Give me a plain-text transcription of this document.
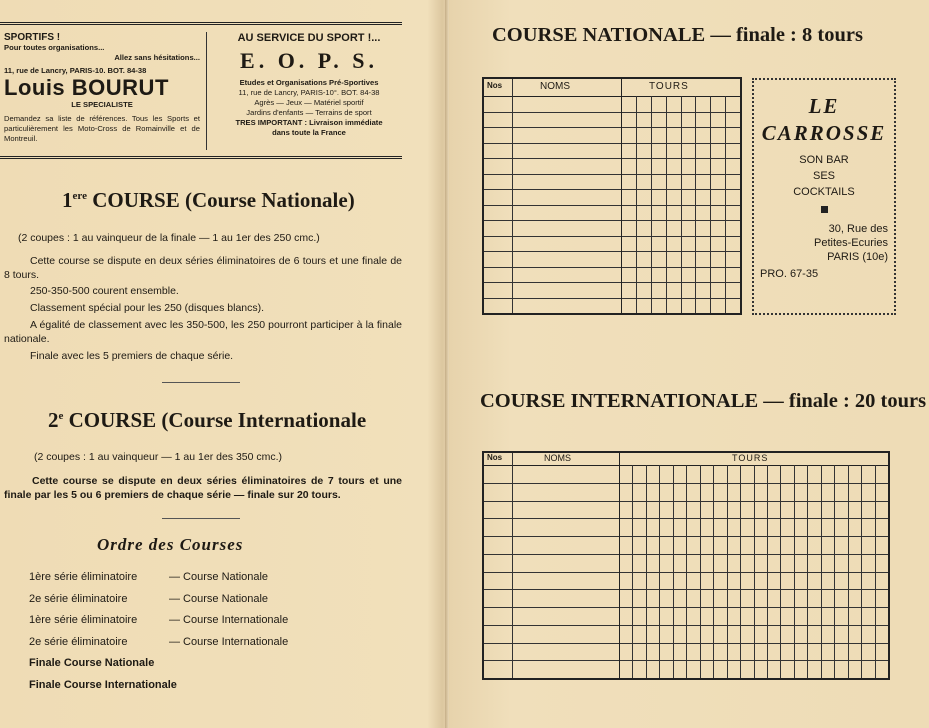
SPORTIFS !
Pour toutes organisations...
Allez sans hésitations...
11, rue de Lancry, PARIS-10. BOT. 84-38
Louis BOURUT
LE SPECIALISTE
Demandez sa liste de références. Tous les Sports et particulièrement les Moto-Cross de Romainville et de Montreuil.
AU SERVICE DU SPORT !...
E. O. P. S.
Etudes et Organisations Pré-Sportives
11, rue de Lancry, PARIS-10°. BOT. 84-38
Agrès — Jeux — Matériel sportif
Jardins d'enfants — Terrains de sport
TRES IMPORTANT : Livraison immédiate
dans toute la France
1ere COURSE (Course Nationale)
(2 coupes : 1 au vainqueur de la finale — 1 au 1er des 250 cmc.)
Cette course se dispute en deux séries éliminatoires de 6 tours et une finale de 8 tours.
250-350-500 courent ensemble.
Classement spécial pour les 250 (disques blancs).
A égalité de classement avec les 350-500, les 250 pourront participer à la finale nationale.
Finale avec les 5 premiers de chaque série.
2e COURSE (Course Internationale
(2 coupes : 1 au vainqueur — 1 au 1er des 350 cmc.)
Cette course se dispute en deux séries éliminatoires de 7 tours et une finale par les 5 ou 6 premiers de chaque série — finale sur 20 tours.
Ordre des Courses
1ère série éliminatoire	— Course Nationale
2e série éliminatoire	— Course Nationale
1ère série éliminatoire	— Course Internationale
2e série éliminatoire	— Course Internationale
Finale Course Nationale
Finale Course Internationale
COURSE NATIONALE — finale : 8 tours
Nos	NOMS	TOURS
LE
CARROSSE
SON BAR
SES
COCKTAILS
30, Rue des
Petites-Ecuries
PARIS (10e)
PRO. 67-35
COURSE INTERNATIONALE — finale : 20 tours
Nos	NOMS	TOURS
